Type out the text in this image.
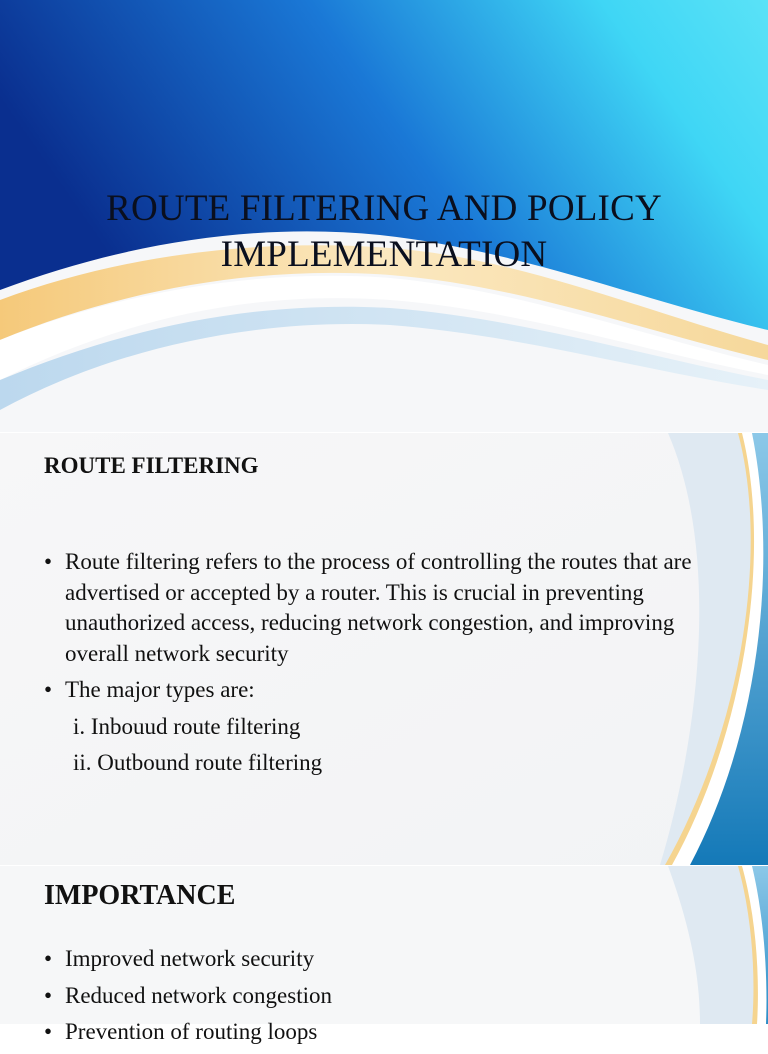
ROUTE FILTERING AND POLICY
IMPLEMENTATION
ROUTE FILTERING
• Route filtering refers to the process of controlling the routes that are advertised or accepted by a router. This is crucial in preventing unauthorized access, reducing network congestion, and improving overall network security
• The major types are:
i. Inbouud route filtering
ii. Outbound route filtering
IMPORTANCE
• Improved network security
• Reduced network congestion
• Prevention of routing loops
